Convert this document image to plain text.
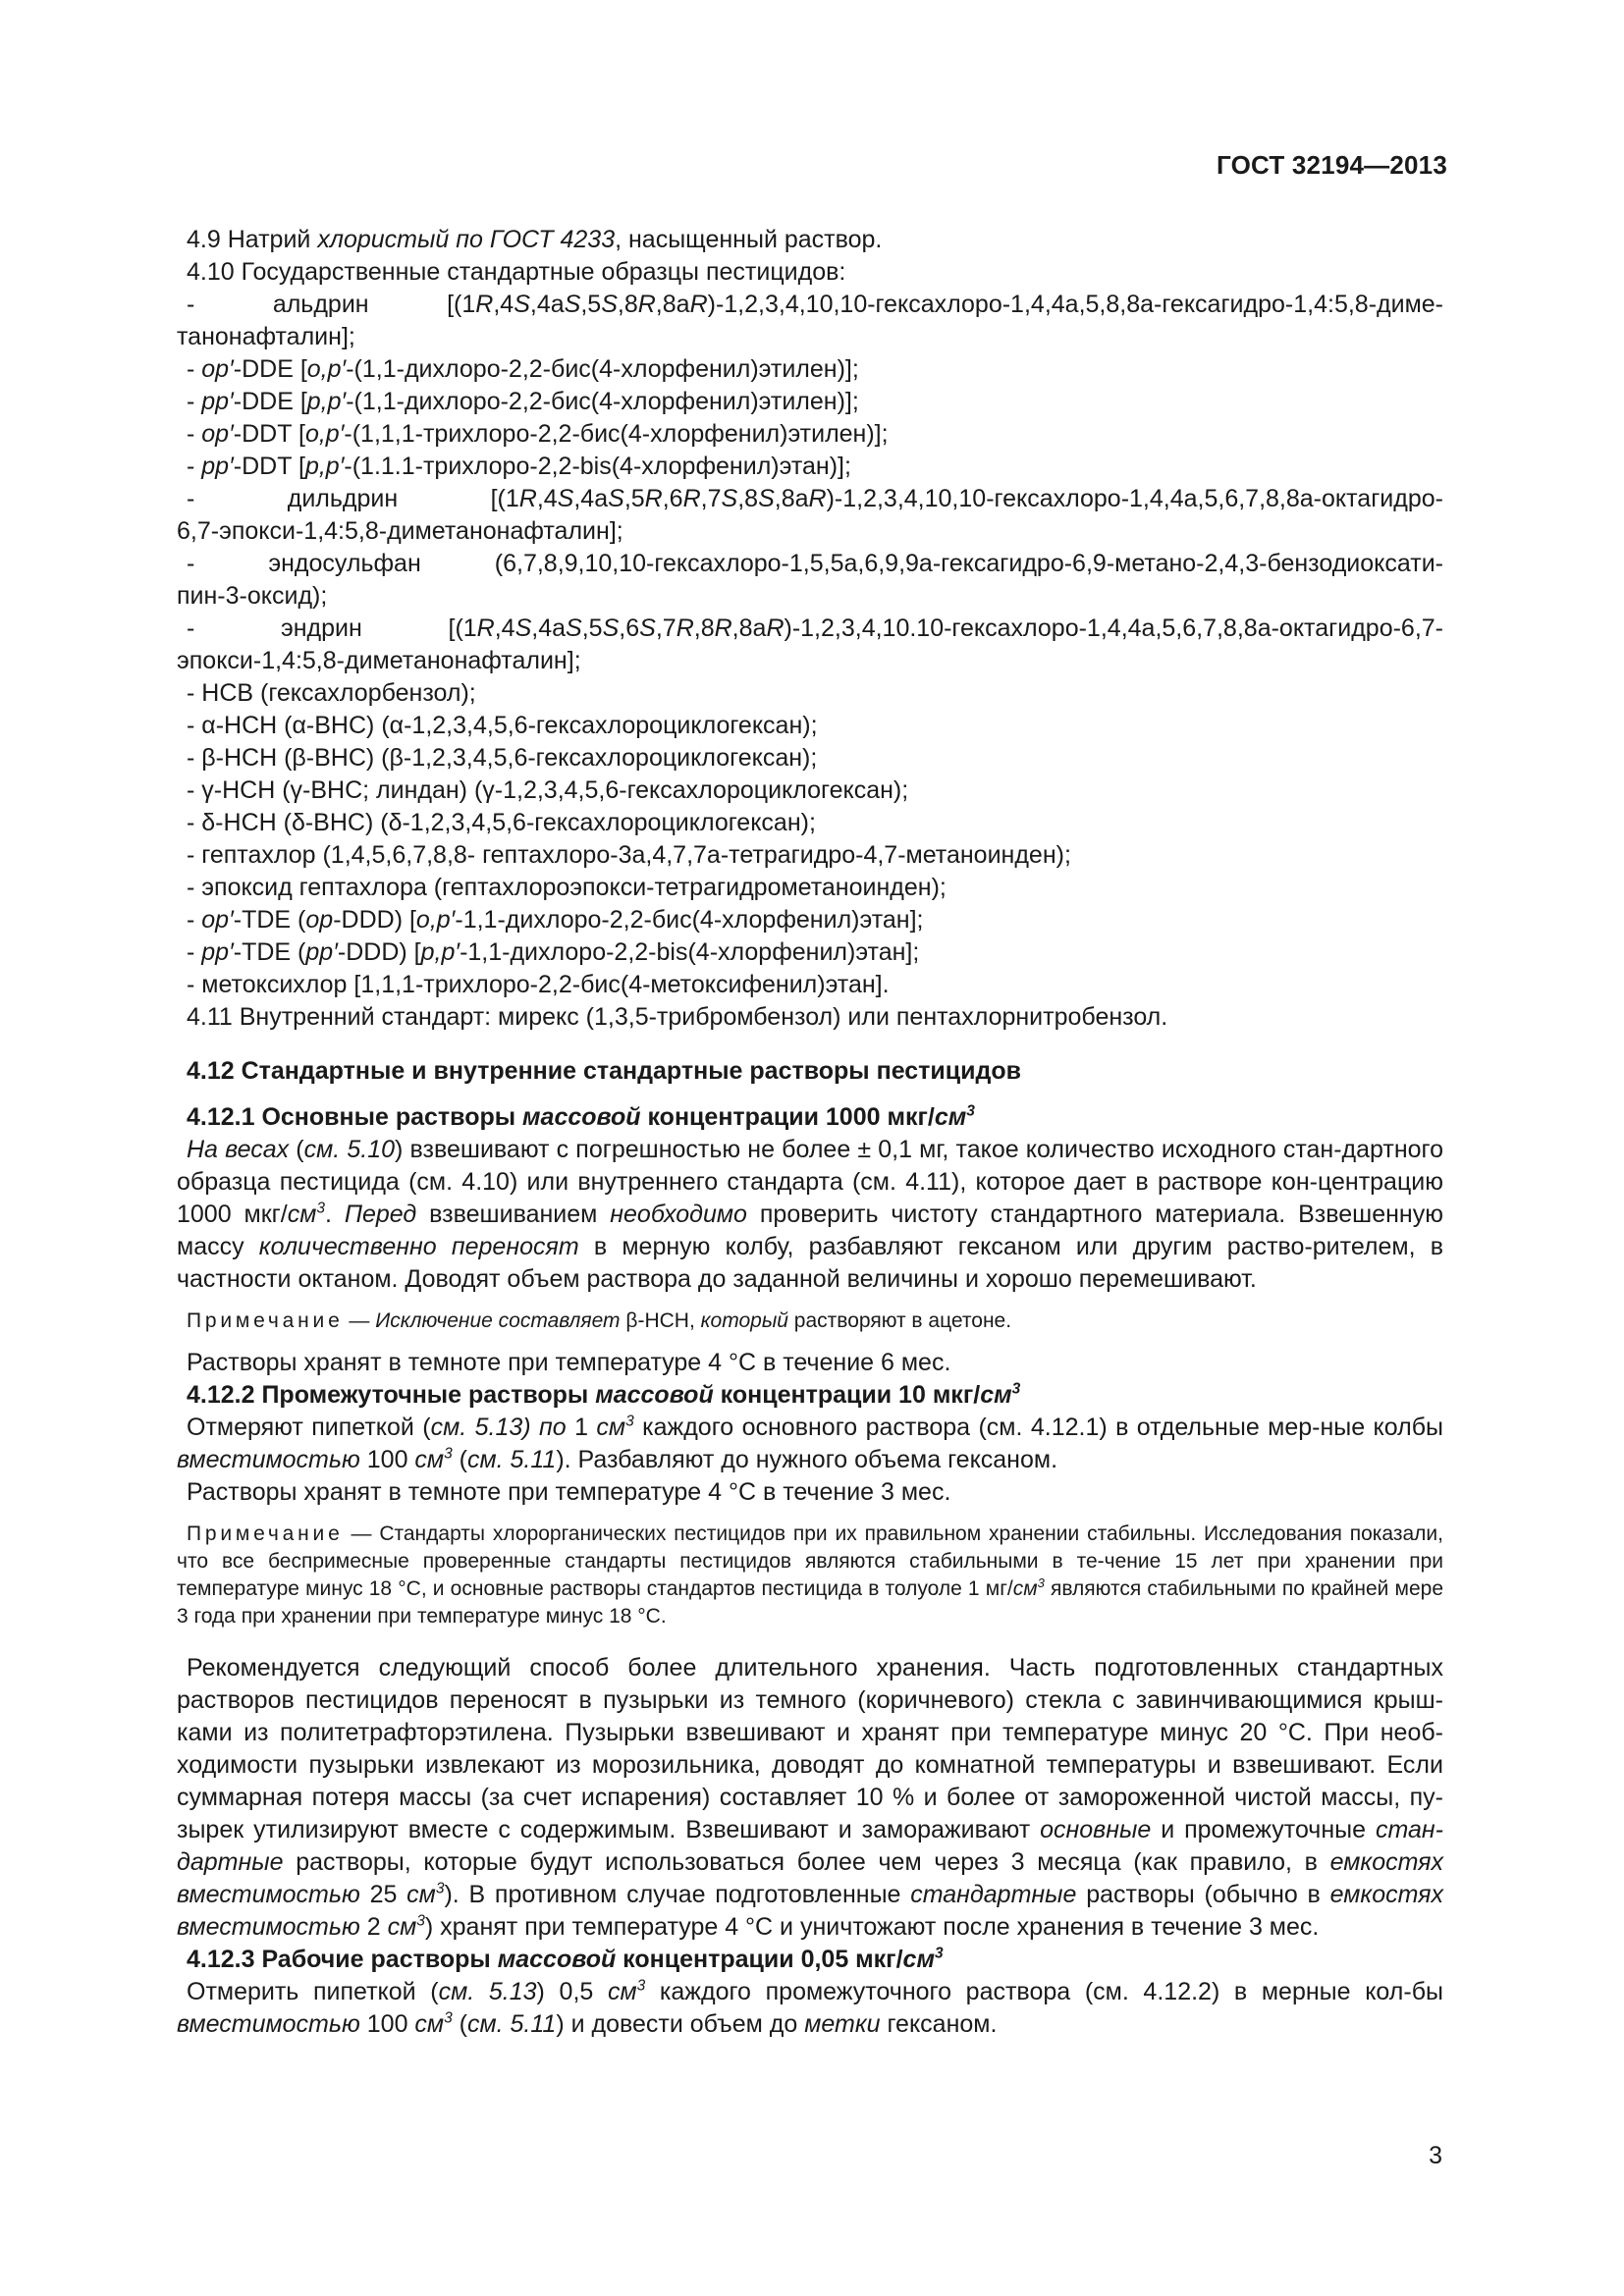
ГОСТ 32194—2013

4.9 Натрий хлористый по ГОСТ 4233, насыщенный раствор.

4.10 Государственные стандартные образцы пестицидов:

- альдрин [(1R,4S,4aS,5S,8R,8aR)-1,2,3,4,10,10-гексахлоро-1,4,4a,5,8,8a-гексагидро-1,4:5,8-диме-

танонафталин];

- op′-DDE [o,p′-(1,1-дихлоро-2,2-бис(4-хлорфенил)этилен)];

- pp′-DDE [p,p′-(1,1-дихлоро-2,2-бис(4-хлорфенил)этилен)];

- op′-DDT [o,p′-(1,1,1-трихлоро-2,2-бис(4-хлорфенил)этилен)];

- pp′-DDT [p,p′-(1.1.1-трихлоро-2,2-bis(4-хлорфенил)этан)];

-    дильдрин    [(1R,4S,4aS,5R,6R,7S,8S,8aR)-1,2,3,4,10,10-гексахлоро-1,4,4a,5,6,7,8,8a-октагидро-

6,7-эпокси-1,4:5,8-диметанонафталин];

- эндосульфан (6,7,8,9,10,10-гексахлоро-1,5,5a,6,9,9a-гексагидро-6,9-метано-2,4,3-бензодиоксати-

пин-3-оксид);

-   эндрин   [(1R,4S,4aS,5S,6S,7R,8R,8aR)-1,2,3,4,10.10-гексахлоро-1,4,4a,5,6,7,8,8a-октагидро-6,7-

эпокси-1,4:5,8-диметанонафталин];

- HCB (гексахлорбензол);

- α-HCH (α-BHC) (α-1,2,3,4,5,6-гексахлороциклогексан);

- β-HCH (β-BHC) (β-1,2,3,4,5,6-гексахлороциклогексан);

- γ-HCH (γ-BHC; линдан) (γ-1,2,3,4,5,6-гексахлороциклогексан);

- δ-HCH (δ-BHC) (δ-1,2,3,4,5,6-гексахлороциклогексан);

- гептахлор (1,4,5,6,7,8,8- гептахлоро-3a,4,7,7a-тетрагидро-4,7-метаноинден);

- эпоксид гептахлора (гептахлороэпокси-тетрагидрометаноинден);

- op′-TDE (op-DDD) [o,p′-1,1-дихлоро-2,2-бис(4-хлорфенил)этан];

- pp′-TDE (pp′-DDD) [p,p′-1,1-дихлоро-2,2-bis(4-хлорфенил)этан];

- метоксихлор [1,1,1-трихлоро-2,2-бис(4-метоксифенил)этан].

4.11 Внутренний стандарт: мирекс (1,3,5-трибромбензол) или пентахлорнитробензол.

4.12 Стандартные и внутренние стандартные растворы пестицидов

4.12.1 Основные растворы массовой концентрации 1000 мкг/$см^3$

На весах (см. 5.10) взвешивают с погрешностью не более ± 0,1 мг, такое количество исходного стан-дартного образца пестицида (см. 4.10) или внутреннего стандарта (см. 4.11), которое дает в растворе кон-центрацию 1000 мкг/$см^3$. Перед взвешиванием необходимо проверить чистоту стандартного материала. Взвешенную массу количественно переносят в мерную колбу, разбавляют гексаном или другим раство-рителем, в частности октаном. Доводят объем раствора до заданной величины и хорошо перемешивают.

Примечание — Исключение составляет β-HCH, который растворяют в ацетоне.

Растворы хранят в темноте при температуре 4 °C в течение 6 мес.

4.12.2 Промежуточные растворы массовой концентрации 10 мкг/$см^3$

Отмеряют пипеткой (см. 5.13) по 1 $см^3$ каждого основного раствора (см. 4.12.1) в отдельные мер-ные колбы вместимостью 100 $см^3$ (см. 5.11). Разбавляют до нужного объема гексаном.

Растворы хранят в темноте при температуре 4 °C в течение 3 мес.

Примечание — Стандарты хлорорганических пестицидов при их правильном хранении стабильны. Исследования показали, что все беспримесные проверенные стандарты пестицидов являются стабильными в те-чение 15 лет при хранении при температуре минус 18 °C, и основные растворы стандартов пестицида в толуоле 1 $мг/см^3$ являются стабильными по крайней мере 3 года при хранении при температуре минус 18 °C.

Рекомендуется следующий способ более длительного хранения. Часть подготовленных стандартных растворов пестицидов переносят в пузырьки из темного (коричневого) стекла с завинчивающимися крыш-ками из политетрафторэтилена. Пузырьки взвешивают и хранят при температуре минус 20 °C. При необ-ходимости пузырьки извлекают из морозильника, доводят до комнатной температуры и взвешивают. Если суммарная потеря массы (за счет испарения) составляет 10 % и более от замороженной чистой массы, пу-зырек утилизируют вместе с содержимым. Взвешивают и замораживают основные и промежуточные стан-дартные растворы, которые будут использоваться более чем через 3 месяца (как правило, в емкостях вместимостью 25 $см^3$). В противном случае подготовленные стандартные растворы (обычно в емкостях вместимостью 2 $см^3$) хранят при температуре 4 °C и уничтожают после хранения в течение 3 мес.

4.12.3 Рабочие растворы массовой концентрации 0,05 мкг/$см^3$

Отмерить пипеткой (см. 5.13) 0,5 $см^3$ каждого промежуточного раствора (см. 4.12.2) в мерные кол-бы вместимостью 100 $см^3$ (см. 5.11) и довести объем до метки гексаном.

3
